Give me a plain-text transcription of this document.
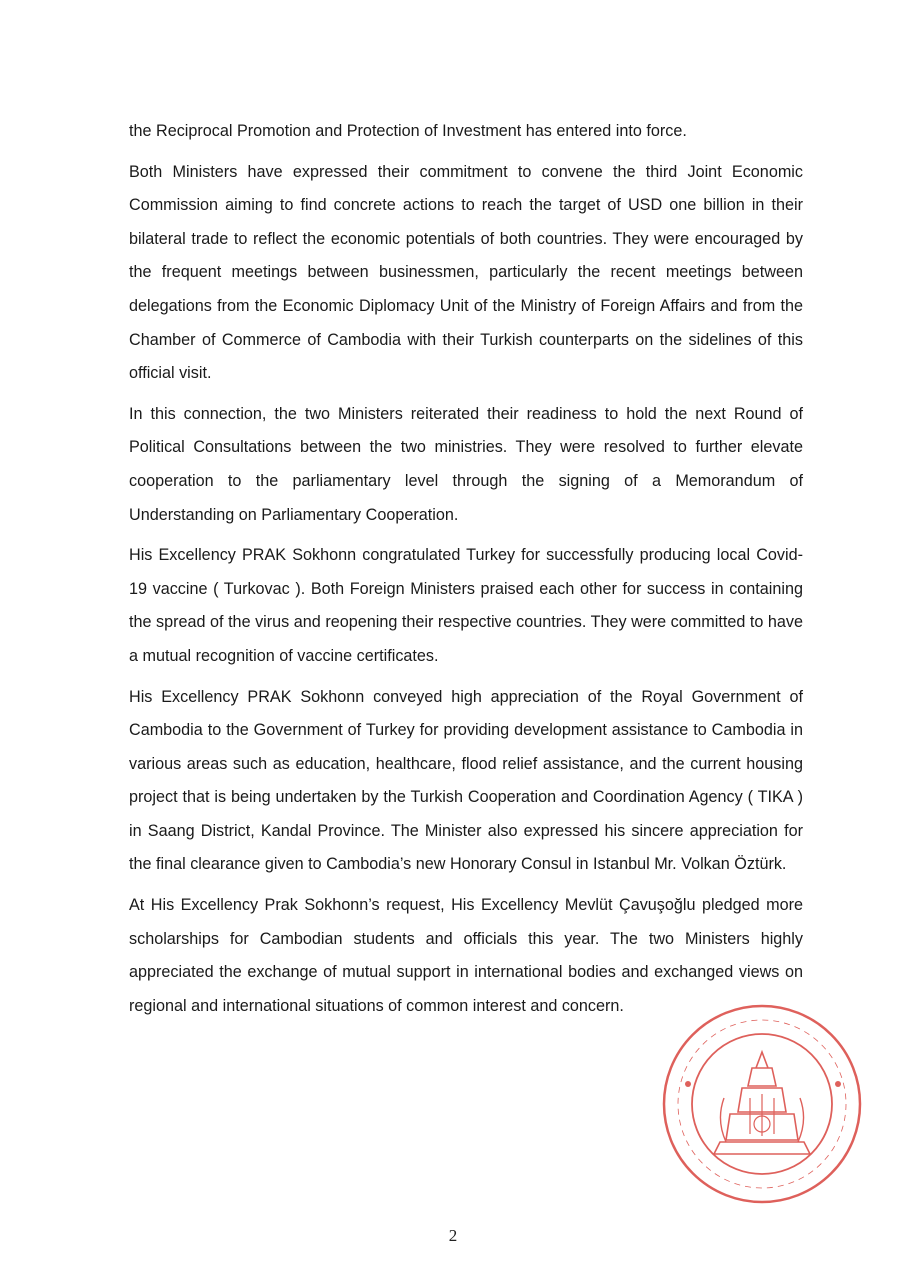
the Reciprocal Promotion and Protection of Investment has entered into force.

Both Ministers have expressed their commitment to convene the third Joint Economic Commission aiming to find concrete actions to reach the target of USD one billion in their bilateral trade to reflect the economic potentials of both countries. They were encouraged by the frequent meetings between businessmen, particularly the recent meetings between delegations from the Economic Diplomacy Unit of the Ministry of Foreign Affairs and from the Chamber of Commerce of Cambodia with their Turkish counterparts on the sidelines of this official visit.

In this connection, the two Ministers reiterated their readiness to hold the next Round of Political Consultations between the two ministries. They were resolved to further elevate cooperation to the parliamentary level through the signing of a Memorandum of Understanding on Parliamentary Cooperation.

His Excellency PRAK Sokhonn congratulated Turkey for successfully producing local Covid-19 vaccine ( Turkovac ). Both Foreign Ministers praised each other for success in containing the spread of the virus and reopening their respective countries. They were committed to have a mutual recognition of vaccine certificates.

His Excellency PRAK Sokhonn conveyed high appreciation of the Royal Government of Cambodia to the Government of Turkey for providing development assistance to Cambodia in various areas such as education, healthcare, flood relief assistance, and the current housing project that is being undertaken by the Turkish Cooperation and Coordination Agency ( TIKA ) in Saang District, Kandal Province. The Minister also expressed his sincere appreciation for the final clearance given to Cambodia’s new Honorary Consul in Istanbul Mr. Volkan Öztürk.

At His Excellency Prak Sokhonn’s request, His Excellency Mevlüt Çavuşoğlu pledged more scholarships for Cambodian students and officials this year. The two Ministers highly appreciated the exchange of mutual support in international bodies and exchanged views on regional and international situations of common interest and concern.

2
